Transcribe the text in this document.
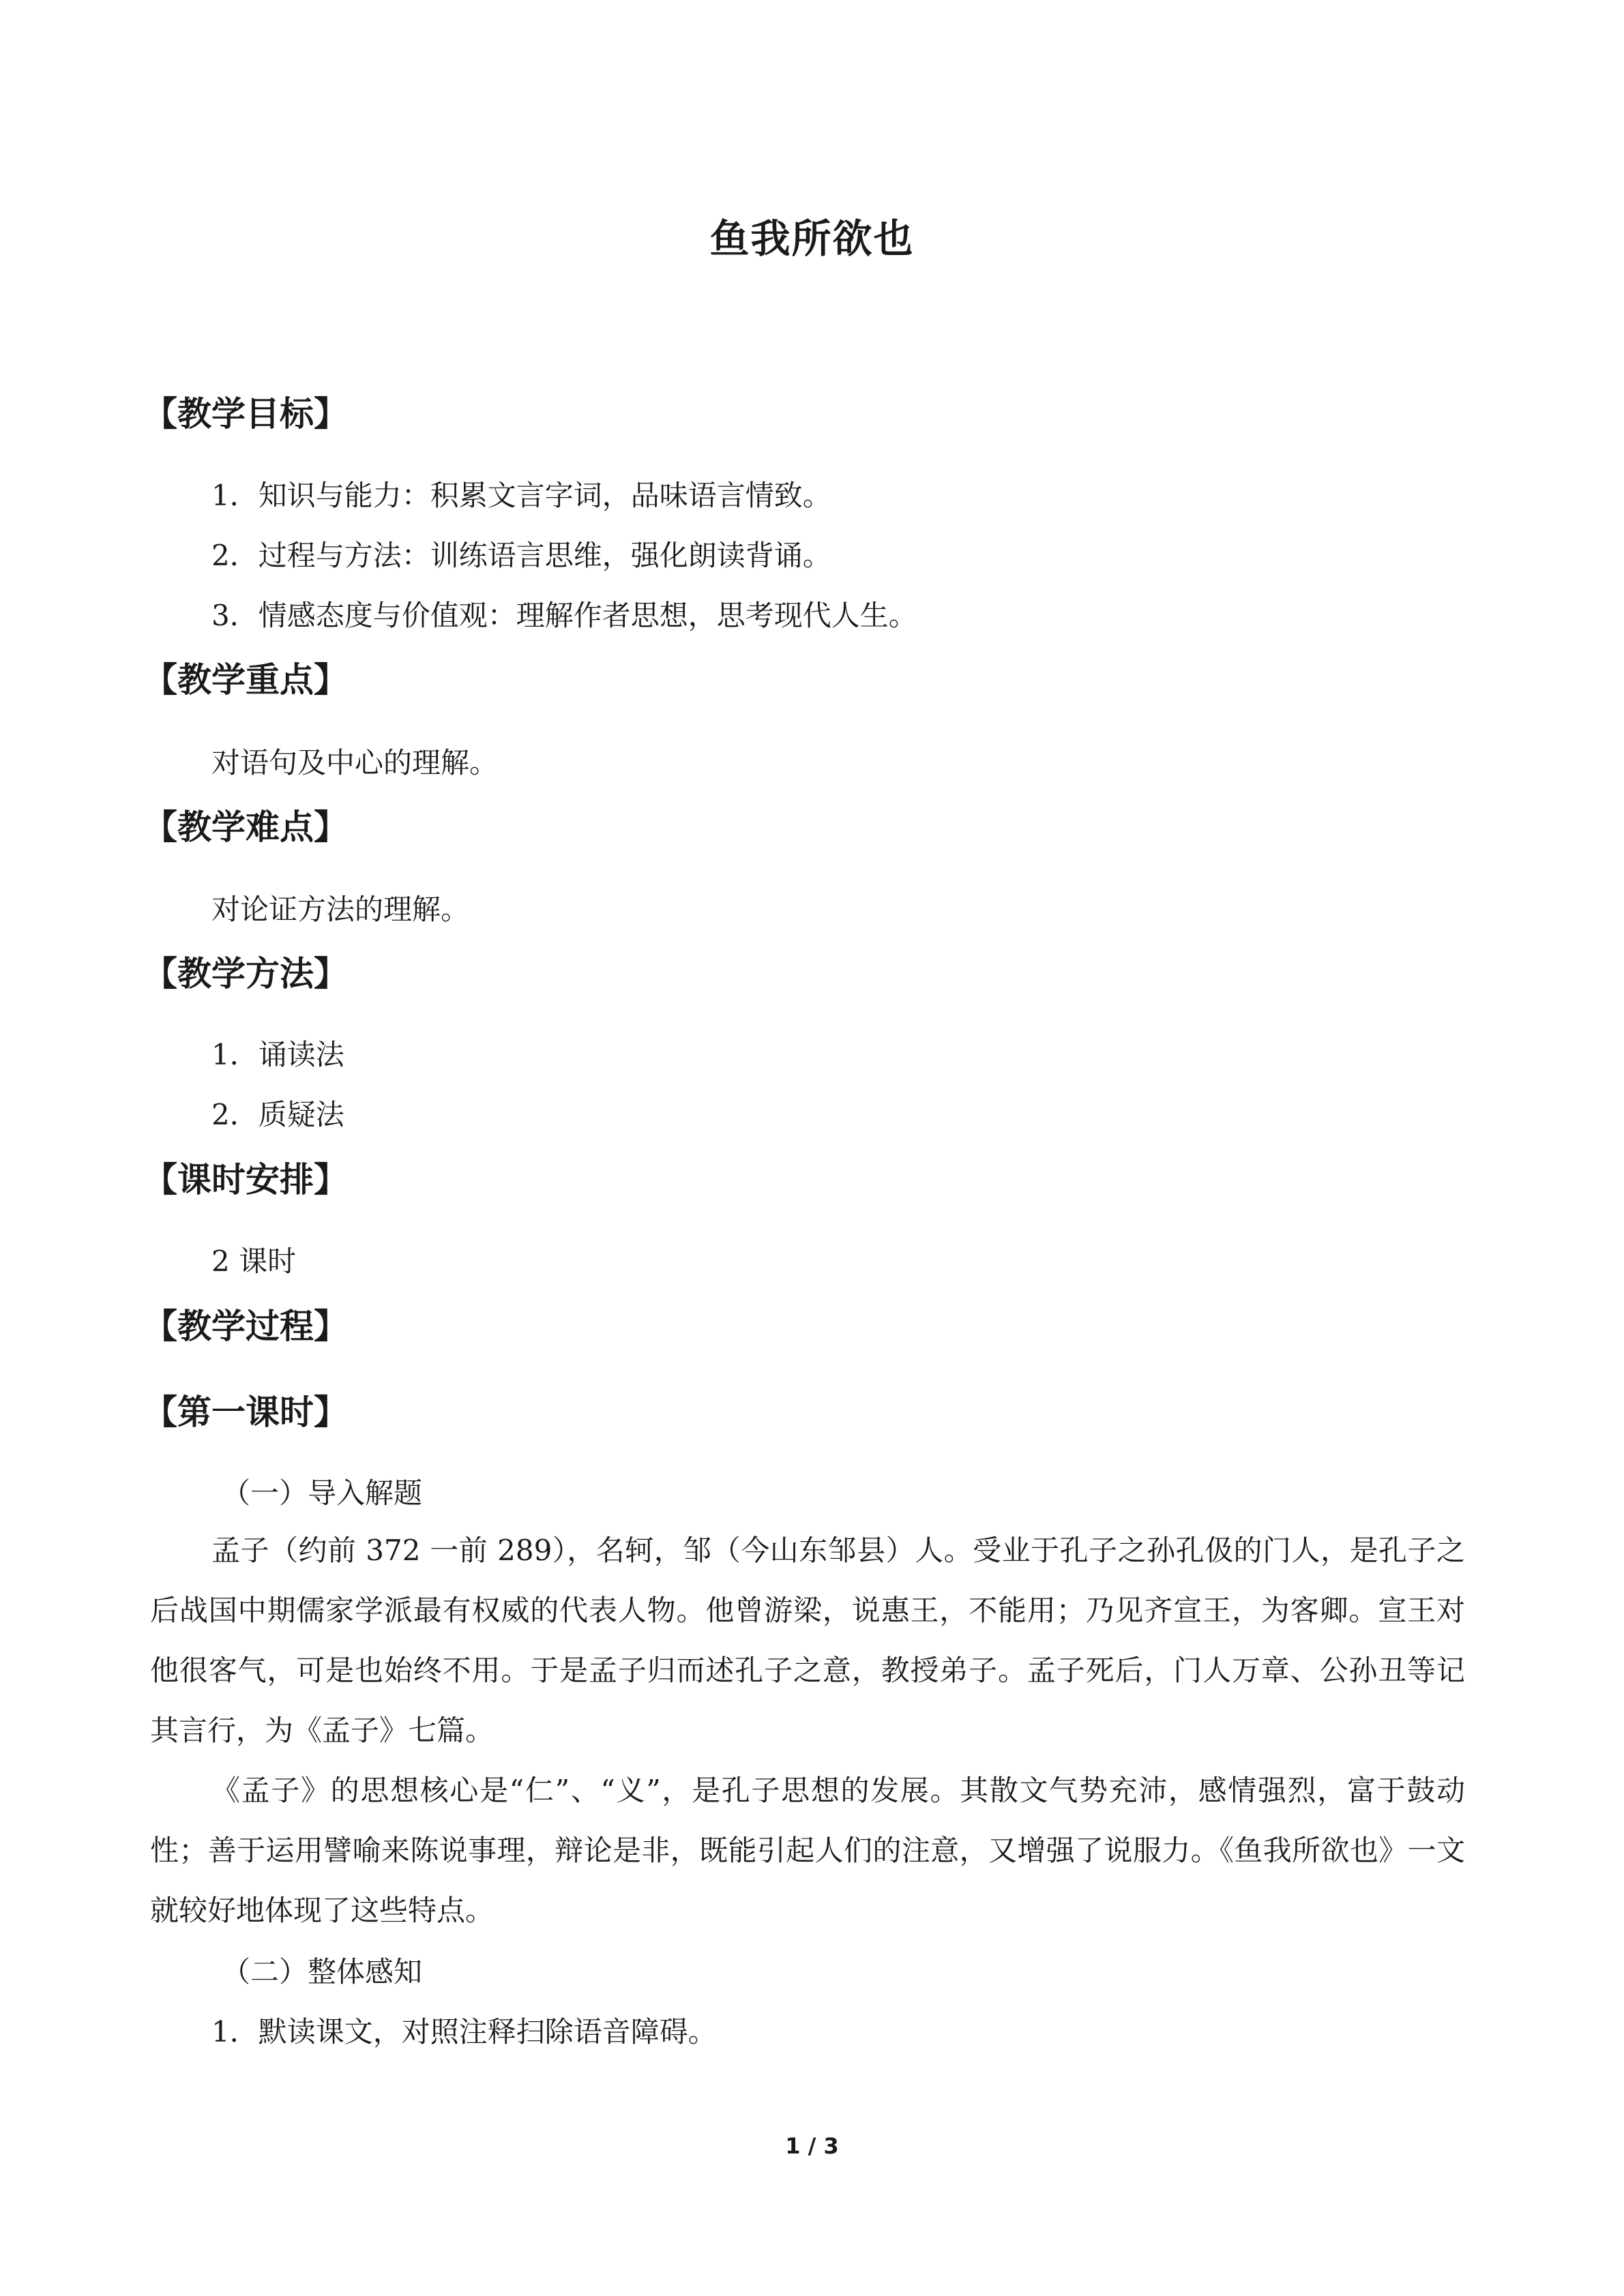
鱼我所欲也
【教学目标】
1．知识与能力：积累文言字词，品味语言情致。
2．过程与方法：训练语言思维，强化朗读背诵。
3．情感态度与价值观：理解作者思想，思考现代人生。
【教学重点】
对语句及中心的理解。
【教学难点】
对论证方法的理解。
【教学方法】
1．诵读法
2．质疑法
【课时安排】
2 课时
【教学过程】
【第一课时】
（一）导入解题
孟子（约前 372 一前 289），名轲，邹（今山东邹县）人。受业于孔子之孙孔伋的门人，是孔子之后战国中期儒家学派最有权威的代表人物。他曾游梁，说惠王，不能用；乃见齐宣王，为客卿。宣王对他很客气，可是也始终不用。于是孟子归而述孔子之意，教授弟子。孟子死后，门人万章、公孙丑等记其言行，为《孟子》七篇。
《孟子》的思想核心是“仁”、“义”，是孔子思想的发展。其散文气势充沛，感情强烈，富于鼓动性；善于运用譬喻来陈说事理，辩论是非，既能引起人们的注意，又增强了说服力。《鱼我所欲也》一文就较好地体现了这些特点。
（二）整体感知
1．默读课文，对照注释扫除语音障碍。
1 / 3
